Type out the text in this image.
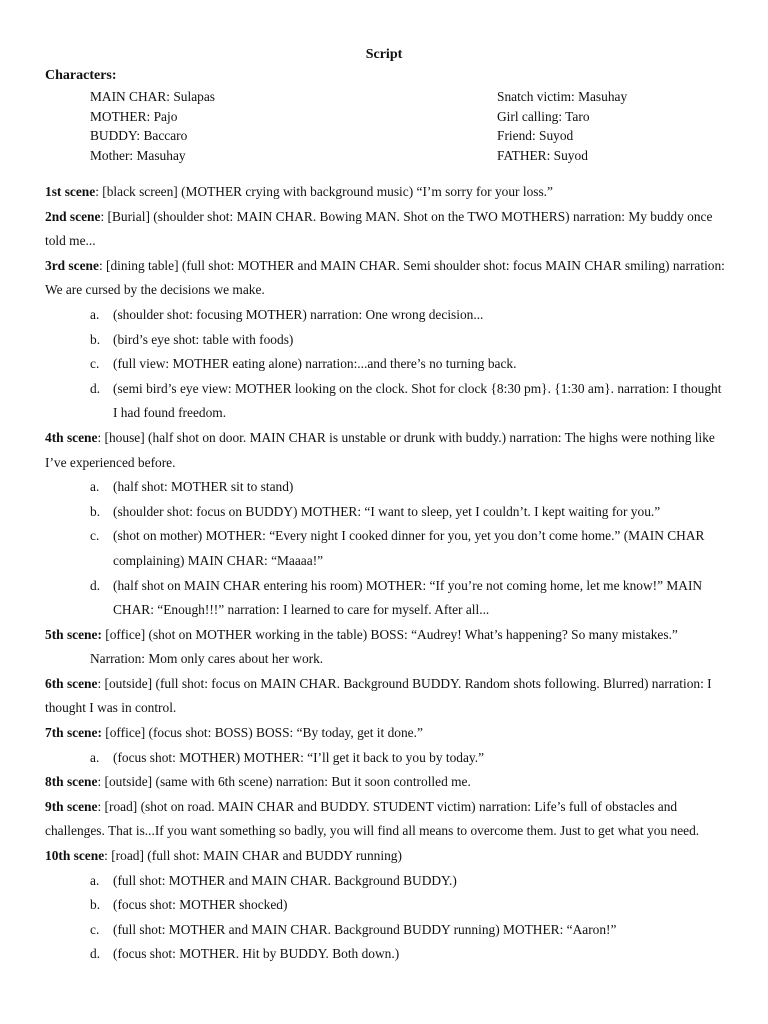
Script
Characters:
MAIN CHAR: Sulapas
MOTHER: Pajo
BUDDY: Baccaro
Mother: Masuhay
Snatch victim: Masuhay
Girl calling: Taro
Friend: Suyod
FATHER: Suyod
1st scene: [black screen] (MOTHER crying with background music) “I’m sorry for your loss.”
2nd scene: [Burial] (shoulder shot: MAIN CHAR. Bowing MAN. Shot on the TWO MOTHERS) narration: My buddy once told me...
3rd scene: [dining table] (full shot: MOTHER and MAIN CHAR. Semi shoulder shot: focus MAIN CHAR smiling) narration: We are cursed by the decisions we make.
a. (shoulder shot: focusing MOTHER) narration: One wrong decision...
b. (bird’s eye shot: table with foods)
c. (full view: MOTHER eating alone) narration:...and there’s no turning back.
d. (semi bird’s eye view: MOTHER looking on the clock. Shot for clock {8:30 pm}. {1:30 am}. narration: I thought I had found freedom.
4th scene: [house] (half shot on door. MAIN CHAR is unstable or drunk with buddy.) narration: The highs were nothing like I’ve experienced before.
a. (half shot: MOTHER sit to stand)
b. (shoulder shot: focus on BUDDY) MOTHER: “I want to sleep, yet I couldn’t. I kept waiting for you.”
c. (shot on mother) MOTHER: “Every night I cooked dinner for you, yet you don’t come home.” (MAIN CHAR complaining) MAIN CHAR: “Maaaa!”
d. (half shot on MAIN CHAR entering his room) MOTHER: “If you’re not coming home, let me know!” MAIN CHAR: “Enough!!!” narration: I learned to care for myself. After all...
5th scene: [office] (shot on MOTHER working in the table) BOSS: “Audrey! What’s happening? So many mistakes.”
Narration: Mom only cares about her work.
6th scene: [outside] (full shot: focus on MAIN CHAR. Background BUDDY. Random shots following. Blurred) narration: I thought I was in control.
7th scene: [office] (focus shot: BOSS) BOSS: “By today, get it done.”
a. (focus shot: MOTHER) MOTHER: “I’ll get it back to you by today.”
8th scene: [outside] (same with 6th scene) narration: But it soon controlled me.
9th scene: [road] (shot on road. MAIN CHAR and BUDDY. STUDENT victim) narration: Life’s full of obstacles and challenges. That is...If you want something so badly, you will find all means to overcome them. Just to get what you need.
10th scene: [road] (full shot: MAIN CHAR and BUDDY running)
a. (full shot: MOTHER and MAIN CHAR. Background BUDDY.)
b. (focus shot: MOTHER shocked)
c. (full shot: MOTHER and MAIN CHAR. Background BUDDY running) MOTHER: “Aaron!”
d. (focus shot: MOTHER. Hit by BUDDY. Both down.)
